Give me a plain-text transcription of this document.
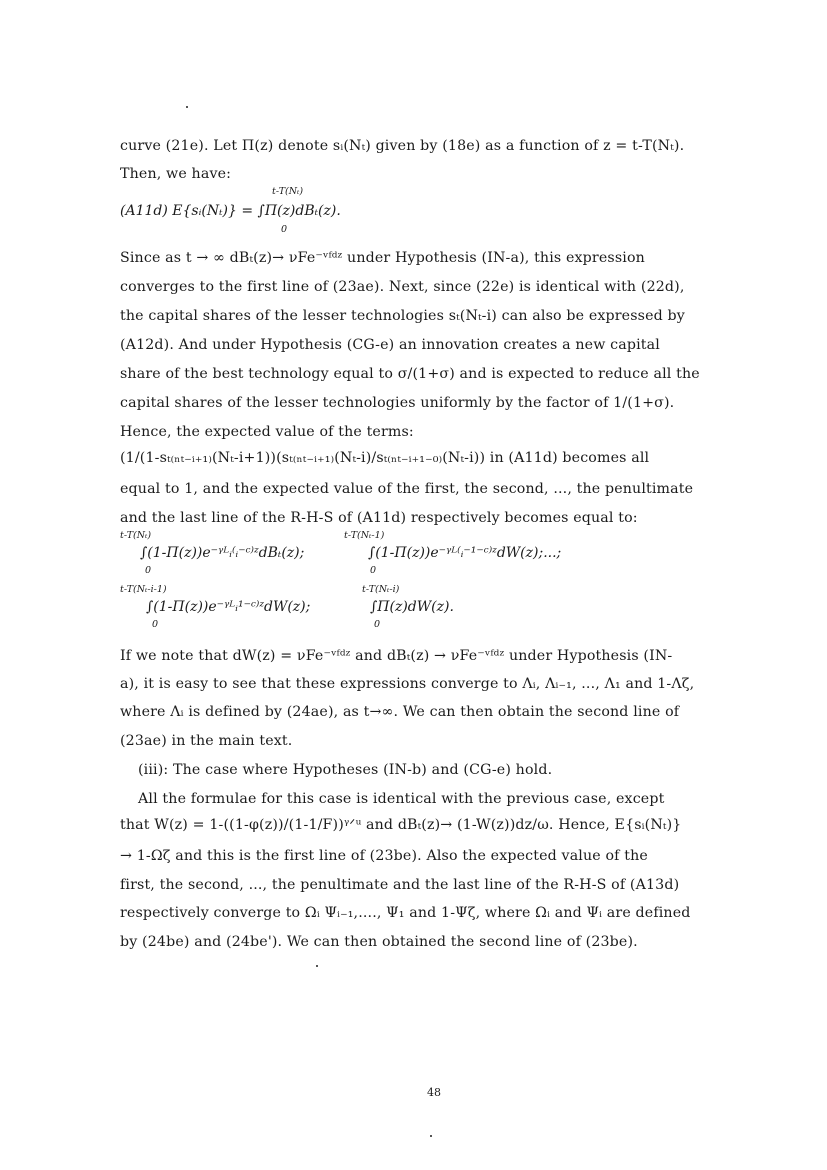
curve (21e). Let Π(z) denote sᵢ(Nₜ) given by (18e) as a function of z = t-T(Nₜ).
Then, we have:
t-T(Nₜ)
(A11d) E{sᵢ(Nₜ)} = ∫Π(z)dBₜ(z).
0
Since as t → ∞ dBₜ(z)→ νFe⁻ᵛᶠᵈᶻ under Hypothesis (IN-a), this expression
converges to the first line of (23ae). Next, since (22e) is identical with (22d),
the capital shares of the lesser technologies sₜ(Nₜ-i) can also be expressed by
(A12d). And under Hypothesis (CG-e) an innovation creates a new capital
share of the best technology equal to σ/(1+σ) and is expected to reduce all the
capital shares of the lesser technologies uniformly by the factor of 1/(1+σ).
Hence, the expected value of the terms:
(1/(1-sₜ₍ₙₜ₋ᵢ₊₁₎(Nₜ-i+1))(sₜ₍ₙₜ₋ᵢ₊₁₎(Nₜ-i)/sₜ₍ₙₜ₋ᵢ₊₁₋₀₎(Nₜ-i)) in (A11d) becomes all
equal to 1, and the expected value of the first, the second, ..., the penultimate
and the last line of the R-H-S of (A11d) respectively becomes equal to:
t-T(Nₜ)
∫(1-Π(z))e⁻ᵞᴸᵢ⁽ᵢ⁻ᶜ⁾ᶻdBₜ(z);
0
t-T(Nₜ-1)
∫(1-Π(z))e⁻ᵞᴸ⁽ᵢ⁻¹⁻ᶜ⁾ᶻdW(z);...;
0
t-T(Nₜ-i-1)
∫(1-Π(z))e⁻ᵞᴸᵢ¹⁻ᶜ⁾ᶻdW(z);
0
t-T(Nₜ-i)
∫Π(z)dW(z).
0
If we note that dW(z) = νFe⁻ᵛᶠᵈᶻ and dBₜ(z) → νFe⁻ᵛᶠᵈᶻ under Hypothesis (IN-
a), it is easy to see that these expressions converge to Λᵢ, Λᵢ₋₁, ..., Λ₁ and 1-Λζ,
where Λᵢ is defined by (24ae), as t→∞. We can then obtain the second line of
(23ae) in the main text.
(iii): The case where Hypotheses (IN-b) and (CG-e) hold.
All the formulae for this case is identical with the previous case, except
that W(z) = 1-((1-φ(z))/(1-1/F))ᵞᐟᵘ and dBₜ(z)→ (1-W(z))dz/ω. Hence, E{sᵢ(Nₜ)}
→ 1-Ωζ and this is the first line of (23be). Also the expected value of the
first, the second, ..., the penultimate and the last line of the R-H-S of (A13d)
respectively converge to Ωᵢ Ψᵢ₋₁,...., Ψ₁ and 1-Ψζ, where Ωᵢ and Ψᵢ are defined
by (24be) and (24be'). We can then obtained the second line of (23be).
48
